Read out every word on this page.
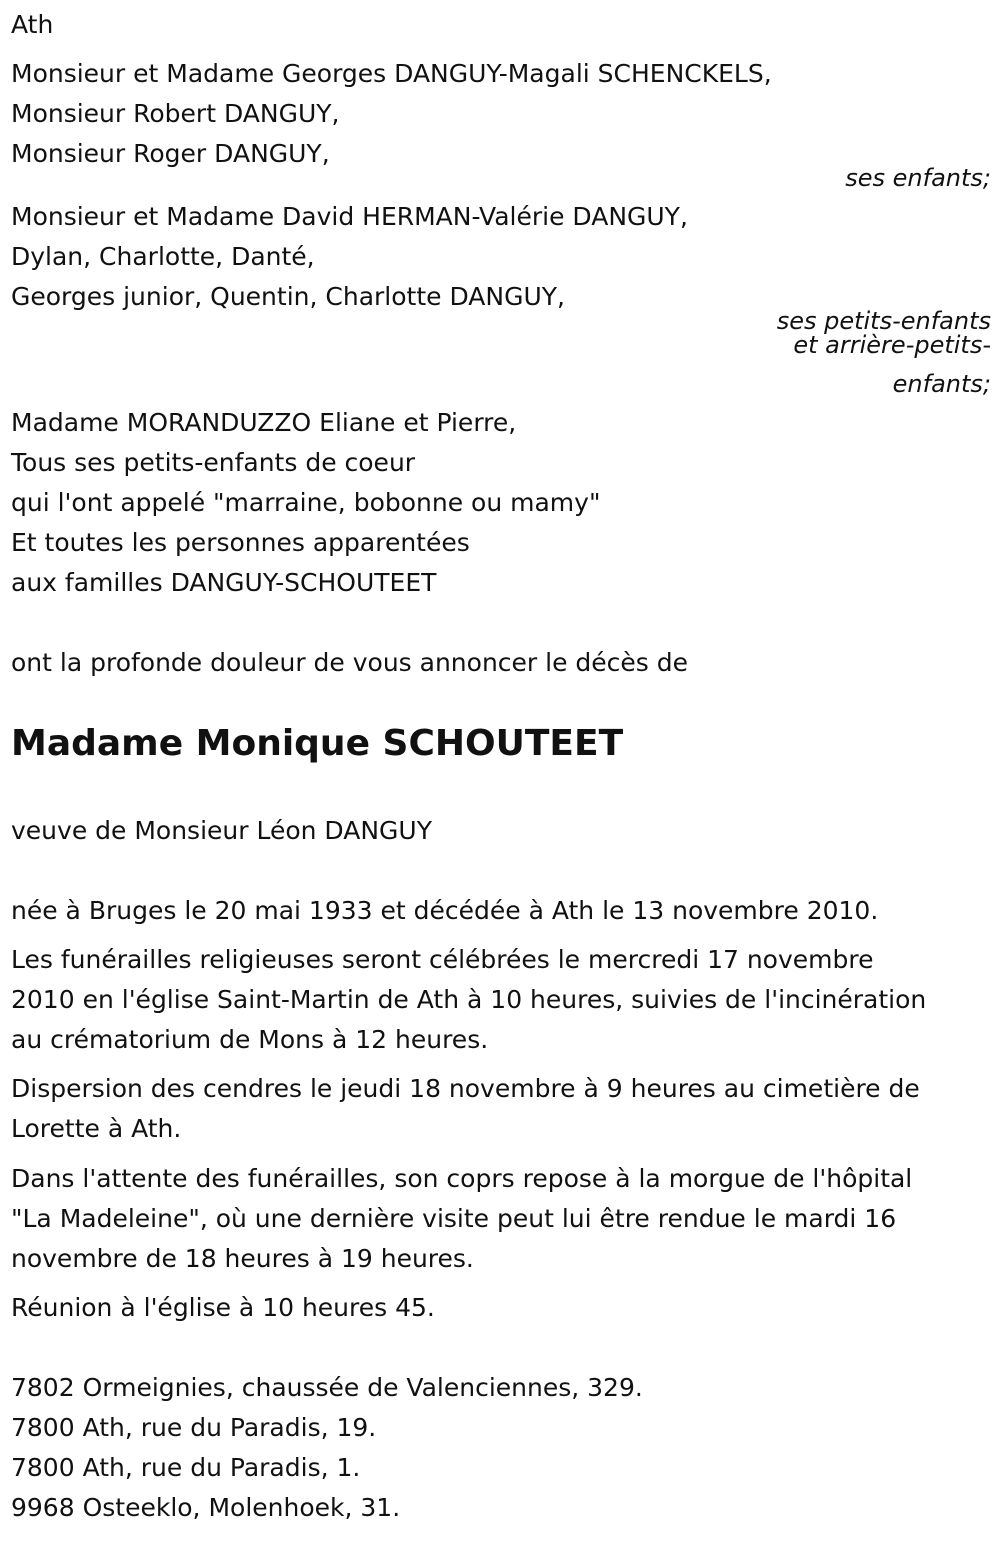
Ath
Monsieur et Madame Georges DANGUY-Magali SCHENCKELS,
Monsieur Robert DANGUY,
Monsieur Roger DANGUY,
ses enfants;
Monsieur et Madame David HERMAN-Valérie DANGUY,
Dylan, Charlotte, Danté,
Georges junior, Quentin, Charlotte DANGUY,
ses petits-enfants
et arrière-petits-
enfants;
Madame MORANDUZZO Eliane et Pierre,
Tous ses petits-enfants de coeur
qui l'ont appelé "marraine, bobonne ou mamy"
Et toutes les personnes apparentées
aux familles DANGUY-SCHOUTEET
ont la profonde douleur de vous annoncer le décès de
Madame Monique SCHOUTEET
veuve de Monsieur Léon DANGUY
née à Bruges le 20 mai 1933 et décédée à Ath le 13 novembre 2010.
Les funérailles religieuses seront célébrées le mercredi 17 novembre
2010 en l'église Saint-Martin de Ath à 10 heures, suivies de l'incinération
au crématorium de Mons à 12 heures.
Dispersion des cendres le jeudi 18 novembre à 9 heures au cimetière de
Lorette à Ath.
Dans l'attente des funérailles, son coprs repose à la morgue de l'hôpital
"La Madeleine", où une dernière visite peut lui être rendue le mardi 16
novembre de 18 heures à 19 heures.
Réunion à l'église à 10 heures 45.
7802 Ormeignies, chaussée de Valenciennes, 329.
7800 Ath, rue du Paradis, 19.
7800 Ath, rue du Paradis, 1.
9968 Osteeklo, Molenhoek, 31.
